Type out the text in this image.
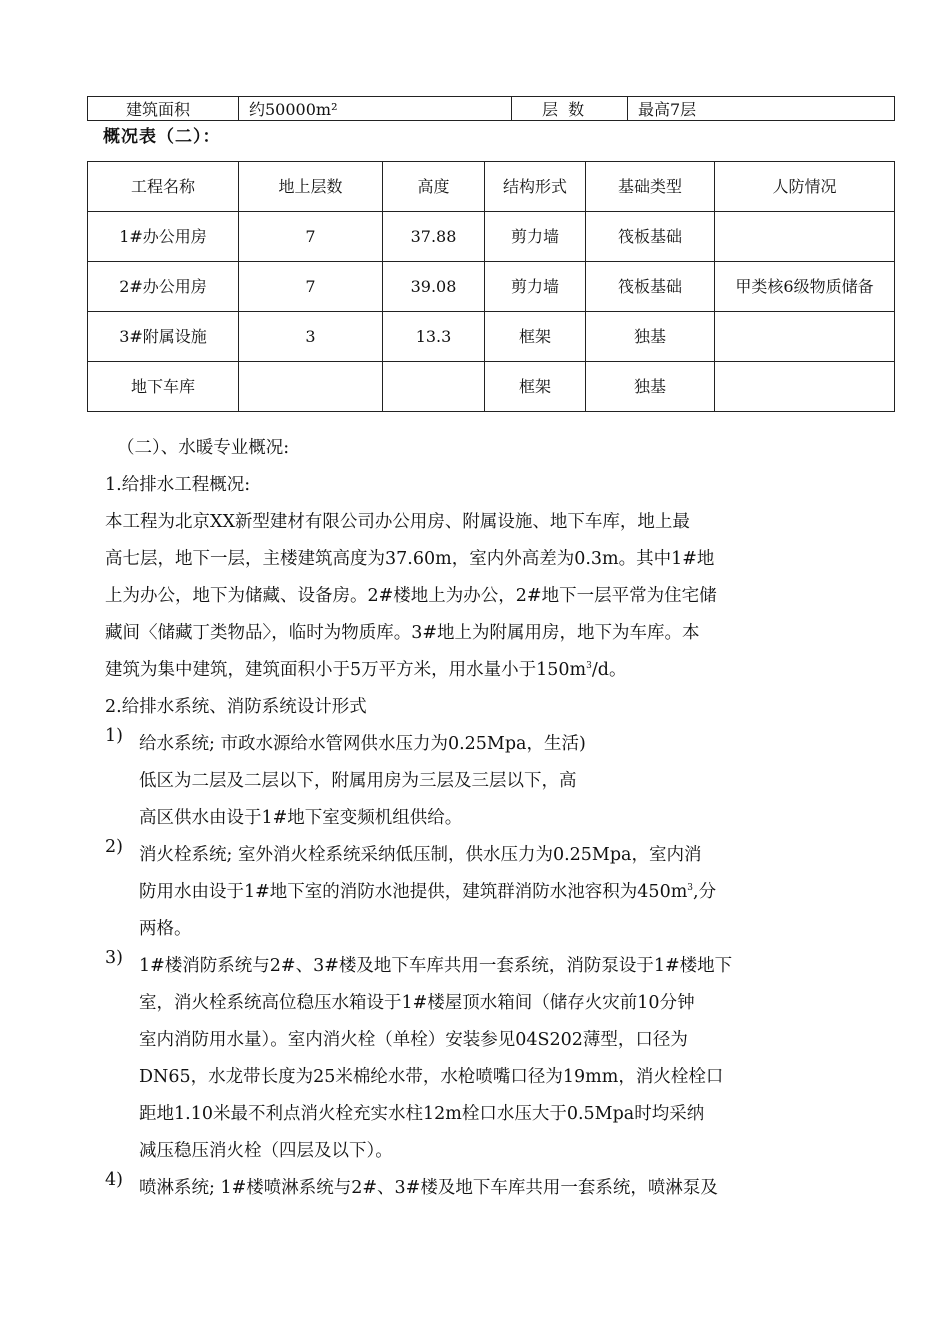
建筑面积	约50000m²	层  数	最高7层
概况表（二）：
工程名称	地上层数	高度	结构形式	基础类型	人防情况
1#办公用房	7	37.88	剪力墙	筏板基础	
2#办公用房	7	39.08	剪力墙	筏板基础	甲类核6级物质储备
3#附属设施	3	13.3	框架	独基	
地下车库			框架	独基	
（二）、水暖专业概况:
1.给排水工程概况:
本工程为北京XX新型建材有限公司办公用房、附属设施、地下车库，地上最
高七层，地下一层，主楼建筑高度为37.60m，室内外高差为0.3m。其中1#地
上为办公，地下为储藏、设备房。2#楼地上为办公，2#地下一层平常为住宅储
藏间〈储藏丁类物品〉，临时为物质库。3#地上为附属用房，地下为车库。本
建筑为集中建筑，建筑面积小于5万平方米，用水量小于$150m^3/d$。
2.给排水系统、消防系统设计形式
1) 给水系统; 市政水源给水管网供水压力为0.25Mpa，生活)
低区为二层及二层以下，附属用房为三层及三层以下，高
高区供水由设于1#地下室变频机组供给。
2) 消火栓系统; 室外消火栓系统采纳低压制，供水压力为0.25Mpa，室内消
防用水由设于1#地下室的消防水池提供，建筑群消防水池容积为$450m^3$,分
两格。
3) 1#楼消防系统与2#、3#楼及地下车库共用一套系统，消防泵设于1#楼地下
室，消火栓系统高位稳压水箱设于1#楼屋顶水箱间（储存火灾前10分钟
室内消防用水量）。室内消火栓（单栓）安装参见04S202薄型，口径为
DN65，水龙带长度为25米棉纶水带，水枪喷嘴口径为19mm，消火栓栓口
距地1.10米最不利点消火栓充实水柱12m栓口水压大于0.5Mpa时均采纳
减压稳压消火栓（四层及以下）。
4) 喷淋系统; 1#楼喷淋系统与2#、3#楼及地下车库共用一套系统，喷淋泵及
